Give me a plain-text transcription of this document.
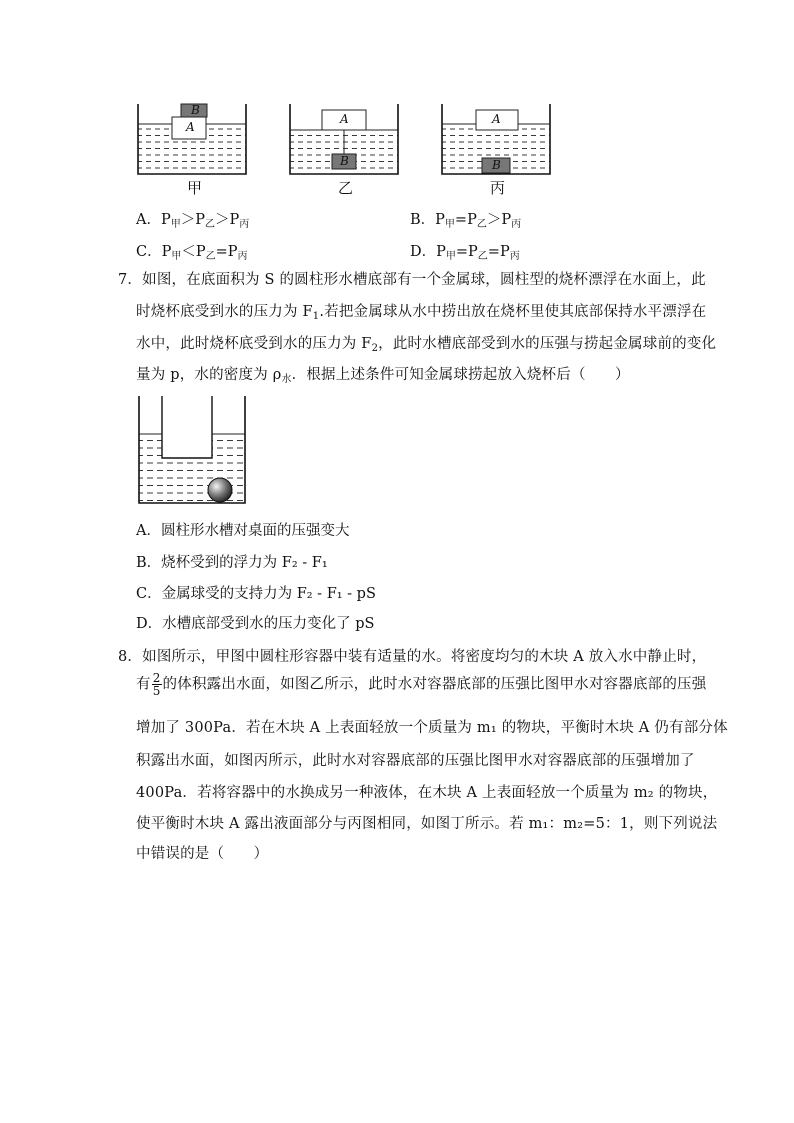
A
B
A
B
A
B
甲	乙	丙
A．$P_甲>P_乙>P_丙$	B．$P_甲=P_乙>P_丙$
C．$P_甲<P_乙=P_丙$	D．$P_甲=P_乙=P_丙$
7．如图，在底面积为 S 的圆柱形水槽底部有一个金属球，圆柱型的烧杯漂浮在水面上，此
时烧杯底受到水的压力为 $F_1$.若把金属球从水中捞出放在烧杯里使其底部保持水平漂浮在
水中，此时烧杯底受到水的压力为 $F_2$，此时水槽底部受到水的压强与捞起金属球前的变化
量为 p，水的密度为 $\rho_水$．根据上述条件可知金属球捞起放入烧杯后（　　）
A．圆柱形水槽对桌面的压强变大
B．烧杯受到的浮力为 F₂ - F₁
C．金属球受的支持力为 F₂ - F₁ - pS
D．水槽底部受到水的压力变化了 pS
8．如图所示，甲图中圆柱形容器中装有适量的水。将密度均匀的木块 A 放入水中静止时，
有 $\frac{2}{5}$ 的体积露出水面，如图乙所示，此时水对容器底部的压强比图甲水对容器底部的压强
增加了 300Pa．若在木块 A 上表面轻放一个质量为 m₁ 的物块，平衡时木块 A 仍有部分体
积露出水面，如图丙所示，此时水对容器底部的压强比图甲水对容器底部的压强增加了
400Pa．若将容器中的水换成另一种液体，在木块 A 上表面轻放一个质量为 m₂ 的物块，
使平衡时木块 A 露出液面部分与丙图相同，如图丁所示。若 m₁：m₂=5：1，则下列说法
中错误的是（　　）
